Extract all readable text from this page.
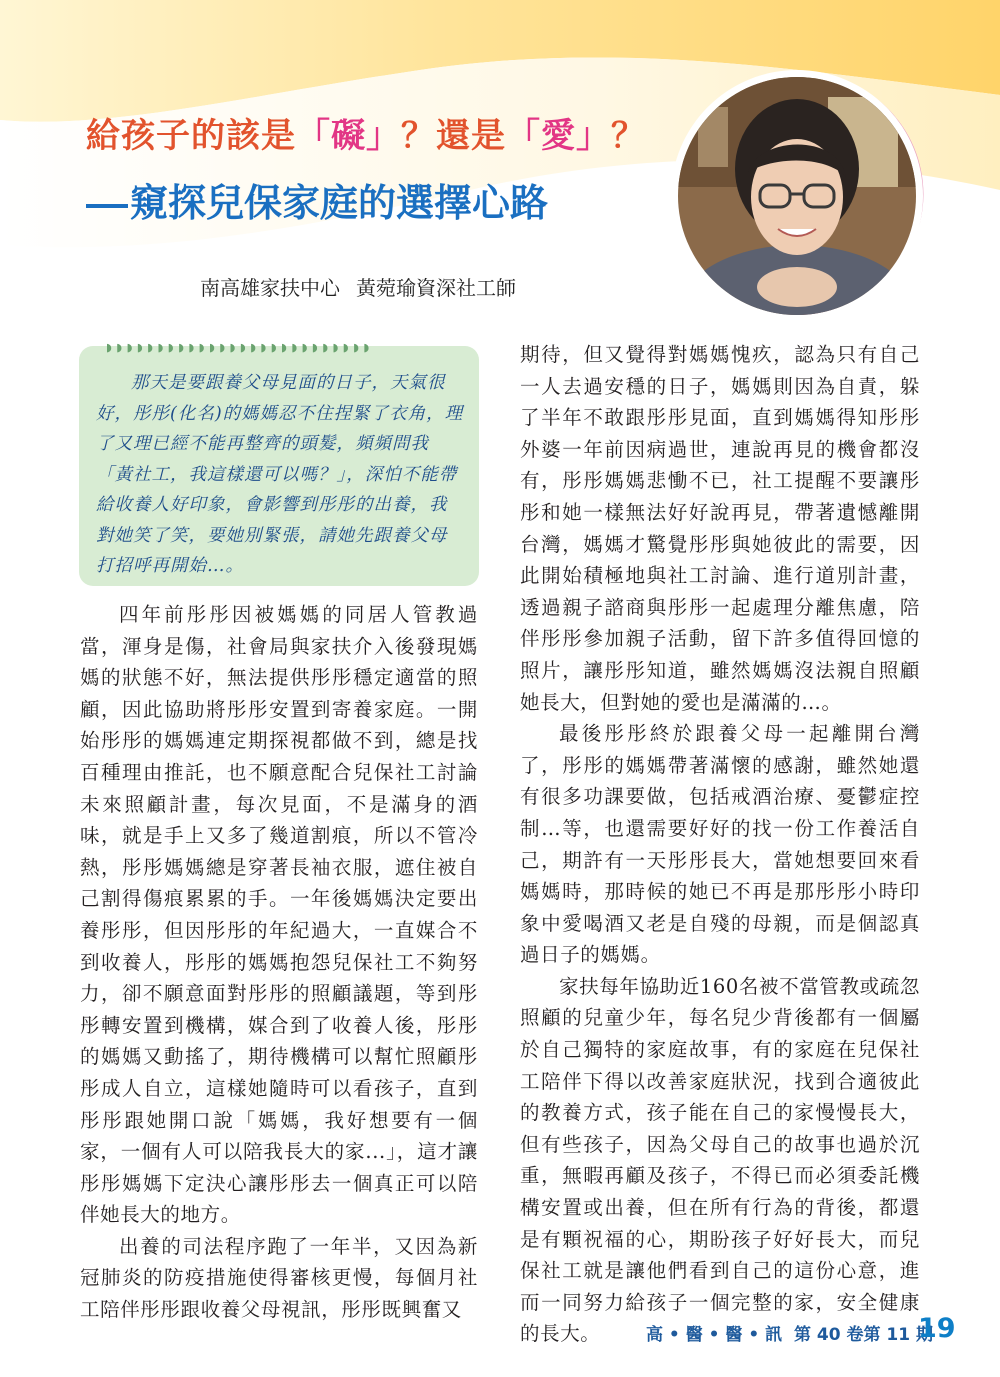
給孩子的該是「礙」？還是「愛」？
窺探兒保家庭的選擇心路
南高雄家扶中心 黃菀瑜資深社工師
◗◗◗◗◗◗◗◗◗◗◗◗◗◗◗◗◗◗◗◗◗◗◗◗◗◗
那天是要跟養父母見面的日子，天氣很好，彤彤(化名)的媽媽忍不住捏緊了衣角，理了又理已經不能再整齊的頭髮，頻頻問我「黃社工，我這樣還可以嗎？」，深怕不能帶給收養人好印象，會影響到彤彤的出養，我對她笑了笑，要她別緊張，請她先跟養父母打招呼再開始…。

四年前彤彤因被媽媽的同居人管教過當，渾身是傷，社會局與家扶介入後發現媽媽的狀態不好，無法提供彤彤穩定適當的照顧，因此協助將彤彤安置到寄養家庭。一開始彤彤的媽媽連定期探視都做不到，總是找百種理由推託，也不願意配合兒保社工討論未來照顧計畫，每次見面，不是滿身的酒味，就是手上又多了幾道割痕，所以不管冷熱，彤彤媽媽總是穿著長袖衣服，遮住被自己割得傷痕累累的手。一年後媽媽決定要出養彤彤，但因彤彤的年紀過大，一直媒合不到收養人，彤彤的媽媽抱怨兒保社工不夠努力，卻不願意面對彤彤的照顧議題，等到彤彤轉安置到機構，媒合到了收養人後，彤彤的媽媽又動搖了，期待機構可以幫忙照顧彤彤成人自立，這樣她隨時可以看孩子，直到彤彤跟她開口說「媽媽，我好想要有一個家，一個有人可以陪我長大的家...」，這才讓彤彤媽媽下定決心讓彤彤去一個真正可以陪伴她長大的地方。

出養的司法程序跑了一年半，又因為新冠肺炎的防疫措施使得審核更慢，每個月社工陪伴彤彤跟收養父母視訊，彤彤既興奮又

期待，但又覺得對媽媽愧疚，認為只有自己一人去過安穩的日子，媽媽則因為自責，躲了半年不敢跟彤彤見面，直到媽媽得知彤彤外婆一年前因病過世，連說再見的機會都沒有，彤彤媽媽悲慟不已，社工提醒不要讓彤彤和她一樣無法好好說再見，帶著遺憾離開台灣，媽媽才驚覺彤彤與她彼此的需要，因此開始積極地與社工討論、進行道別計畫，透過親子諮商與彤彤一起處理分離焦慮，陪伴彤彤參加親子活動，留下許多值得回憶的照片，讓彤彤知道，雖然媽媽沒法親自照顧她長大，但對她的愛也是滿滿的…。

最後彤彤終於跟養父母一起離開台灣了，彤彤的媽媽帶著滿懷的感謝，雖然她還有很多功課要做，包括戒酒治療、憂鬱症控制…等，也還需要好好的找一份工作養活自己，期許有一天彤彤長大，當她想要回來看媽媽時，那時候的她已不再是那彤彤小時印象中愛喝酒又老是自殘的母親，而是個認真過日子的媽媽。

家扶每年協助近160名被不當管教或疏忽照顧的兒童少年，每名兒少背後都有一個屬於自己獨特的家庭故事，有的家庭在兒保社工陪伴下得以改善家庭狀況，找到合適彼此的教養方式，孩子能在自己的家慢慢長大，但有些孩子，因為父母自己的故事也過於沉重，無暇再顧及孩子，不得已而必須委託機構安置或出養，但在所有行為的背後，都還是有顆祝福的心，期盼孩子好好長大，而兒保社工就是讓他們看到自己的這份心意，進而一同努力給孩子一個完整的家，安全健康的長大。	高 • 醫 • 醫 • 訊 第 40 卷第 11 期
19
